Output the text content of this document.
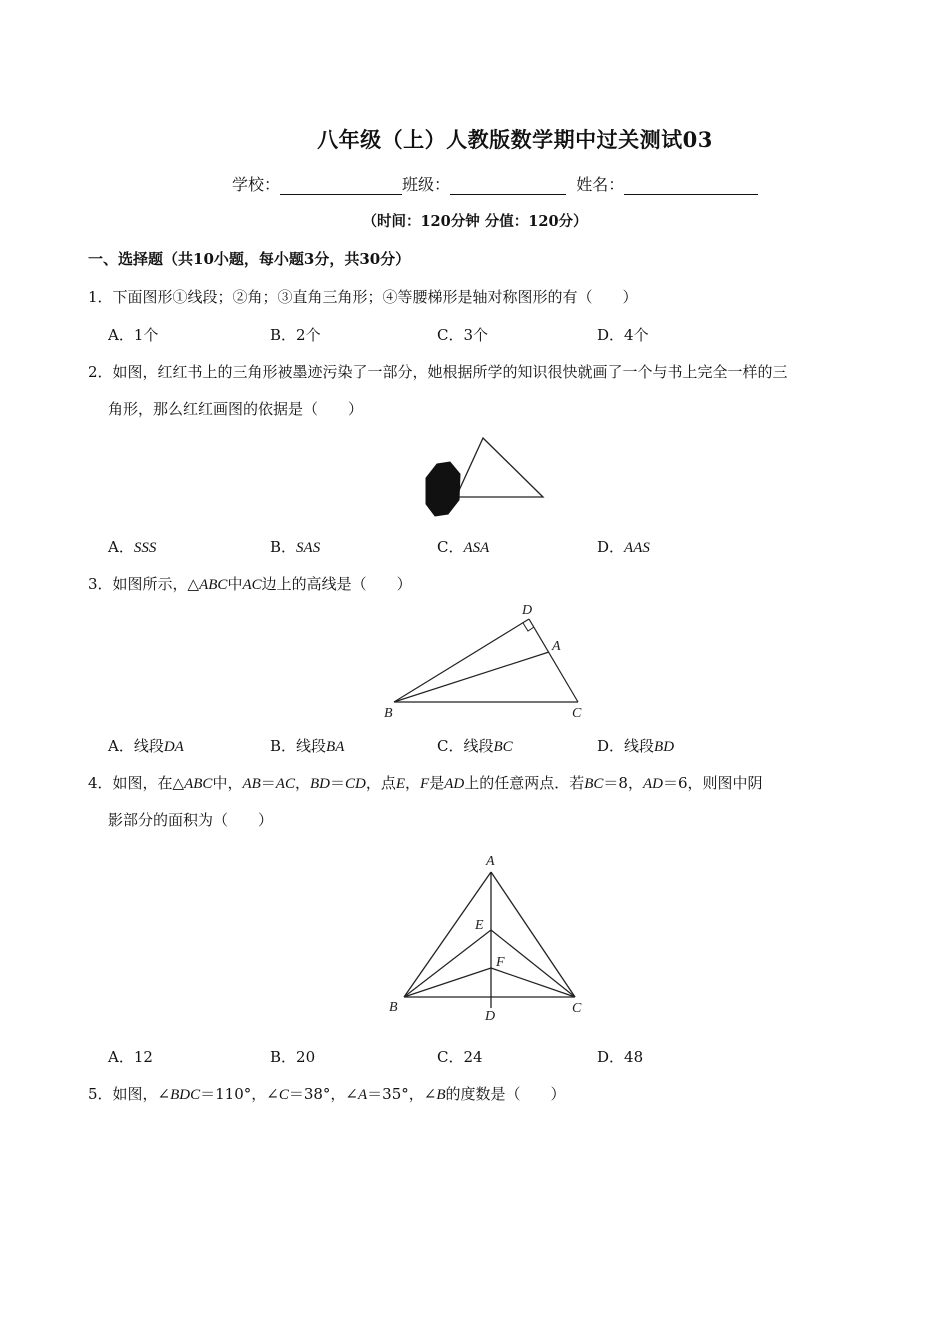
八年级（上）人教版数学期中过关测试03
学校：	班级：	姓名：
（时间：120分钟 分值：120分）
一、选择题（共10小题，每小题3分，共30分）
1．下面图形①线段；②角；③直角三角形；④等腰梯形是轴对称图形的有（　　）
A．1个	B．2个	C．3个	D．4个
2．如图，红红书上的三角形被墨迹污染了一部分，她根据所学的知识很快就画了一个与书上完全一样的三
角形，那么红红画图的依据是（　　）
A．SSS	B．SAS	C．ASA	D．AAS
3．如图所示，△ABC中AC边上的高线是（　　）
D
A
B	C
A．线段DA	B．线段BA	C．线段BC	D．线段BD
4．如图，在△ABC中，AB＝AC，BD＝CD，点E，F是AD上的任意两点．若BC＝8，AD＝6，则图中阴
影部分的面积为（　　）
A
E
F
B
D
C
A．12	B．20	C．24	D．48
5．如图，∠BDC＝110°，∠C＝38°，∠A＝35°，∠B的度数是（　　）
